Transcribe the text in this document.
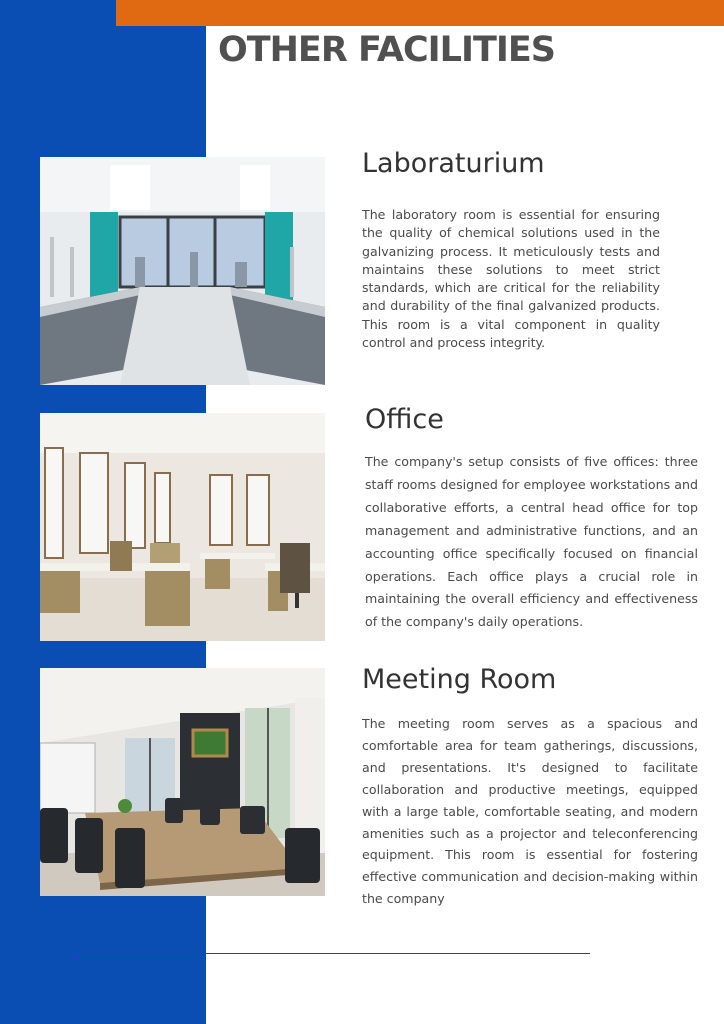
OTHER FACILITIES
Laboraturium

The laboratory room is essential for ensuring the quality of chemical solutions used in the galvanizing process. It meticulously tests and maintains these solutions to meet strict standards, which are critical for the reliability and durability of the final galvanized products. This room is a vital component in quality control and process integrity.

Office

The company's setup consists of five offices: three staff rooms designed for employee workstations and collaborative efforts, a central head office for top management and administrative functions, and an accounting office specifically focused on financial operations. Each office plays a crucial role in maintaining the overall efficiency and effectiveness of the company's daily operations.

Meeting Room

The meeting room serves as a spacious and comfortable area for team gatherings, discussions, and presentations. It's designed to facilitate collaboration and productive meetings, equipped with a large table, comfortable seating, and modern amenities such as a projector and teleconferencing equipment. This room is essential for fostering effective communication and decision-making within the company
